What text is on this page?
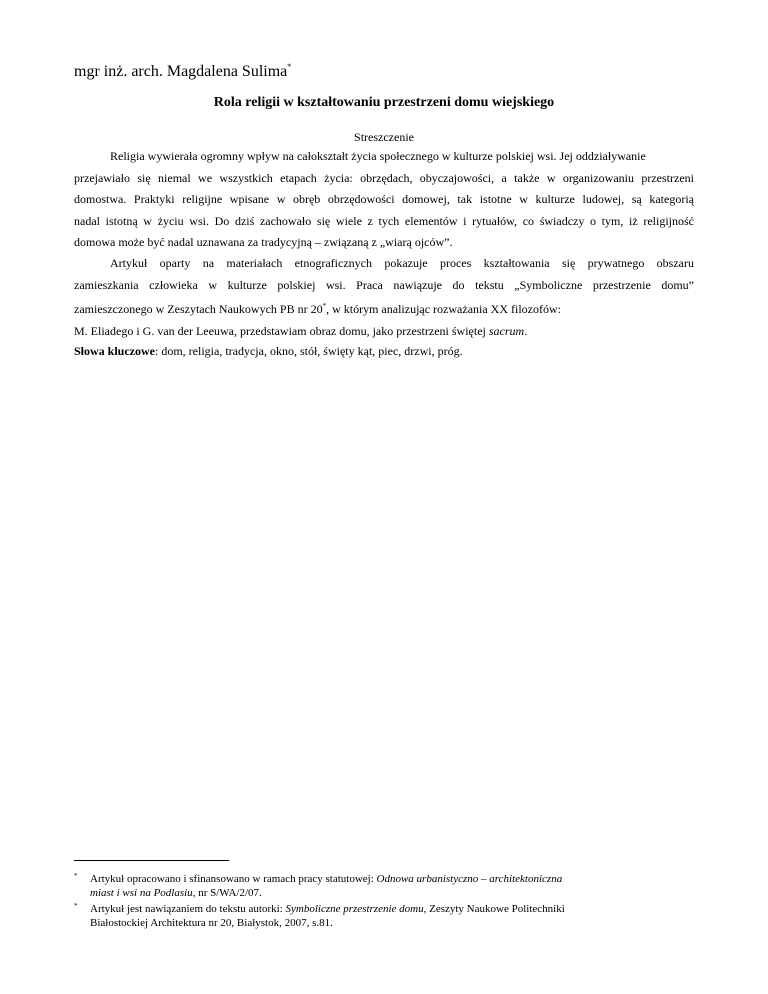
mgr inż. arch. Magdalena Sulima*
Rola religii w kształtowaniu przestrzeni domu wiejskiego
Streszczenie
Religia wywierała ogromny wpływ na całokształt życia społecznego w kulturze polskiej wsi. Jej oddziaływanie
przejawiało się niemal we wszystkich etapach życia: obrzędach, obyczajowości, a także w organizowaniu przestrzeni
domostwa. Praktyki religijne wpisane w obręb obrzędowości domowej, tak istotne w kulturze ludowej, są kategorią
nadal istotną w życiu wsi. Do dziś zachowało się wiele z tych elementów i rytuałów, co świadczy o tym, iż religijność
domowa może być nadal uznawana za tradycyjną – związaną z „wiarą ojców”.
Artykuł oparty na materiałach etnograficznych pokazuje proces kształtowania się prywatnego obszaru
zamieszkania człowieka w kulturze polskiej wsi. Praca nawiązuje do tekstu „Symboliczne przestrzenie domu”
zamieszczonego w Zeszytach Naukowych PB nr 20*, w którym analizując rozważania XX filozofów:
M. Eliadego i G. van der Leeuwa, przedstawiam obraz domu, jako przestrzeni świętej sacrum.
Słowa kluczowe: dom, religia, tradycja, okno, stół, święty kąt, piec, drzwi, próg.
*	Artykuł opracowano i sfinansowano w ramach pracy statutowej: Odnowa urbanistyczno – architektoniczna
miast i wsi na Podlasiu, nr S/WA/2/07.
*	Artykuł jest nawiązaniem do tekstu autorki: Symboliczne przestrzenie domu, Zeszyty Naukowe Politechniki
Białostockiej Architektura nr 20, Białystok, 2007, s.81.
